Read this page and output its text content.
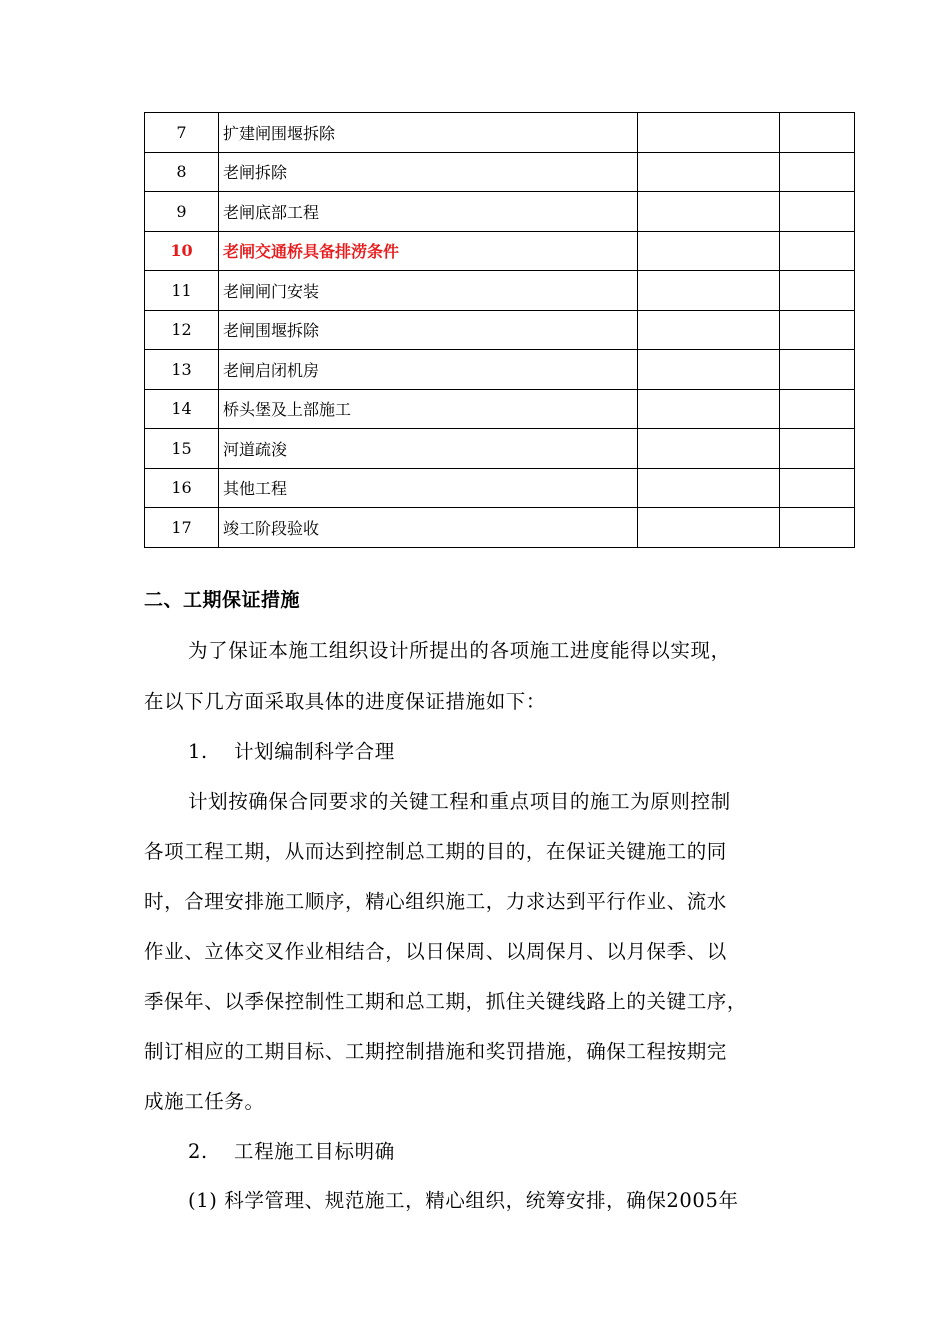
7	扩建闸围堰拆除		
8	老闸拆除		
9	老闸底部工程		
10	老闸交通桥具备排涝条件		
11	老闸闸门安装		
12	老闸围堰拆除		
13	老闸启闭机房		
14	桥头堡及上部施工		
15	河道疏浚		
16	其他工程		
17	竣工阶段验收		
二、工期保证措施
为了保证本施工组织设计所提出的各项施工进度能得以实现，
在以下几方面采取具体的进度保证措施如下：
1. 计划编制科学合理
计划按确保合同要求的关键工程和重点项目的施工为原则控制
各项工程工期，从而达到控制总工期的目的，在保证关键施工的同
时，合理安排施工顺序，精心组织施工，力求达到平行作业、流水
作业、立体交叉作业相结合，以日保周、以周保月、以月保季、以
季保年、以季保控制性工期和总工期，抓住关键线路上的关键工序，
制订相应的工期目标、工期控制措施和奖罚措施，确保工程按期完
成施工任务。
2. 工程施工目标明确
(1) 科学管理、规范施工，精心组织，统筹安排，确保2005年
